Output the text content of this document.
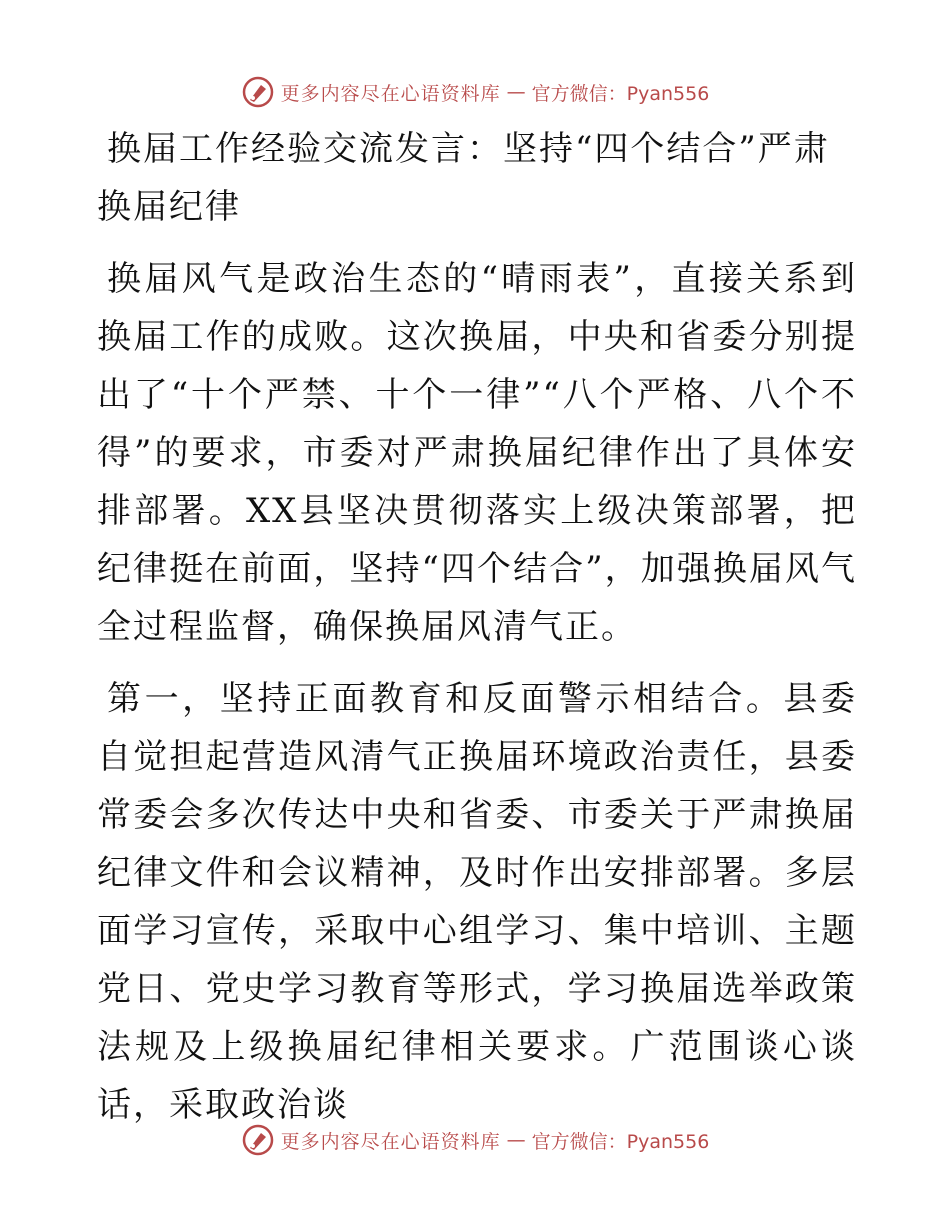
更多内容尽在心语资料库 — 官方微信：Pyan556
换届工作经验交流发言：坚持“四个结合”严肃换届纪律

换届风气是政治生态的“晴雨表”，直接关系到换届工作的成败。这次换届，中央和省委分别提出了“十个严禁、十个一律”“八个严格、八个不得”的要求，市委对严肃换届纪律作出了具体安排部署。XX县坚决贯彻落实上级决策部署，把纪律挺在前面，坚持“四个结合”，加强换届风气全过程监督，确保换届风清气正。

第一，坚持正面教育和反面警示相结合。县委自觉担起营造风清气正换届环境政治责任，县委常委会多次传达中央和省委、市委关于严肃换届纪律文件和会议精神，及时作出安排部署。多层面学习宣传，采取中心组学习、集中培训、主题党日、党史学习教育等形式，学习换届选举政策法规及上级换届纪律相关要求。广范围谈心谈话，采取政治谈

更多内容尽在心语资料库 — 官方微信：Pyan556
